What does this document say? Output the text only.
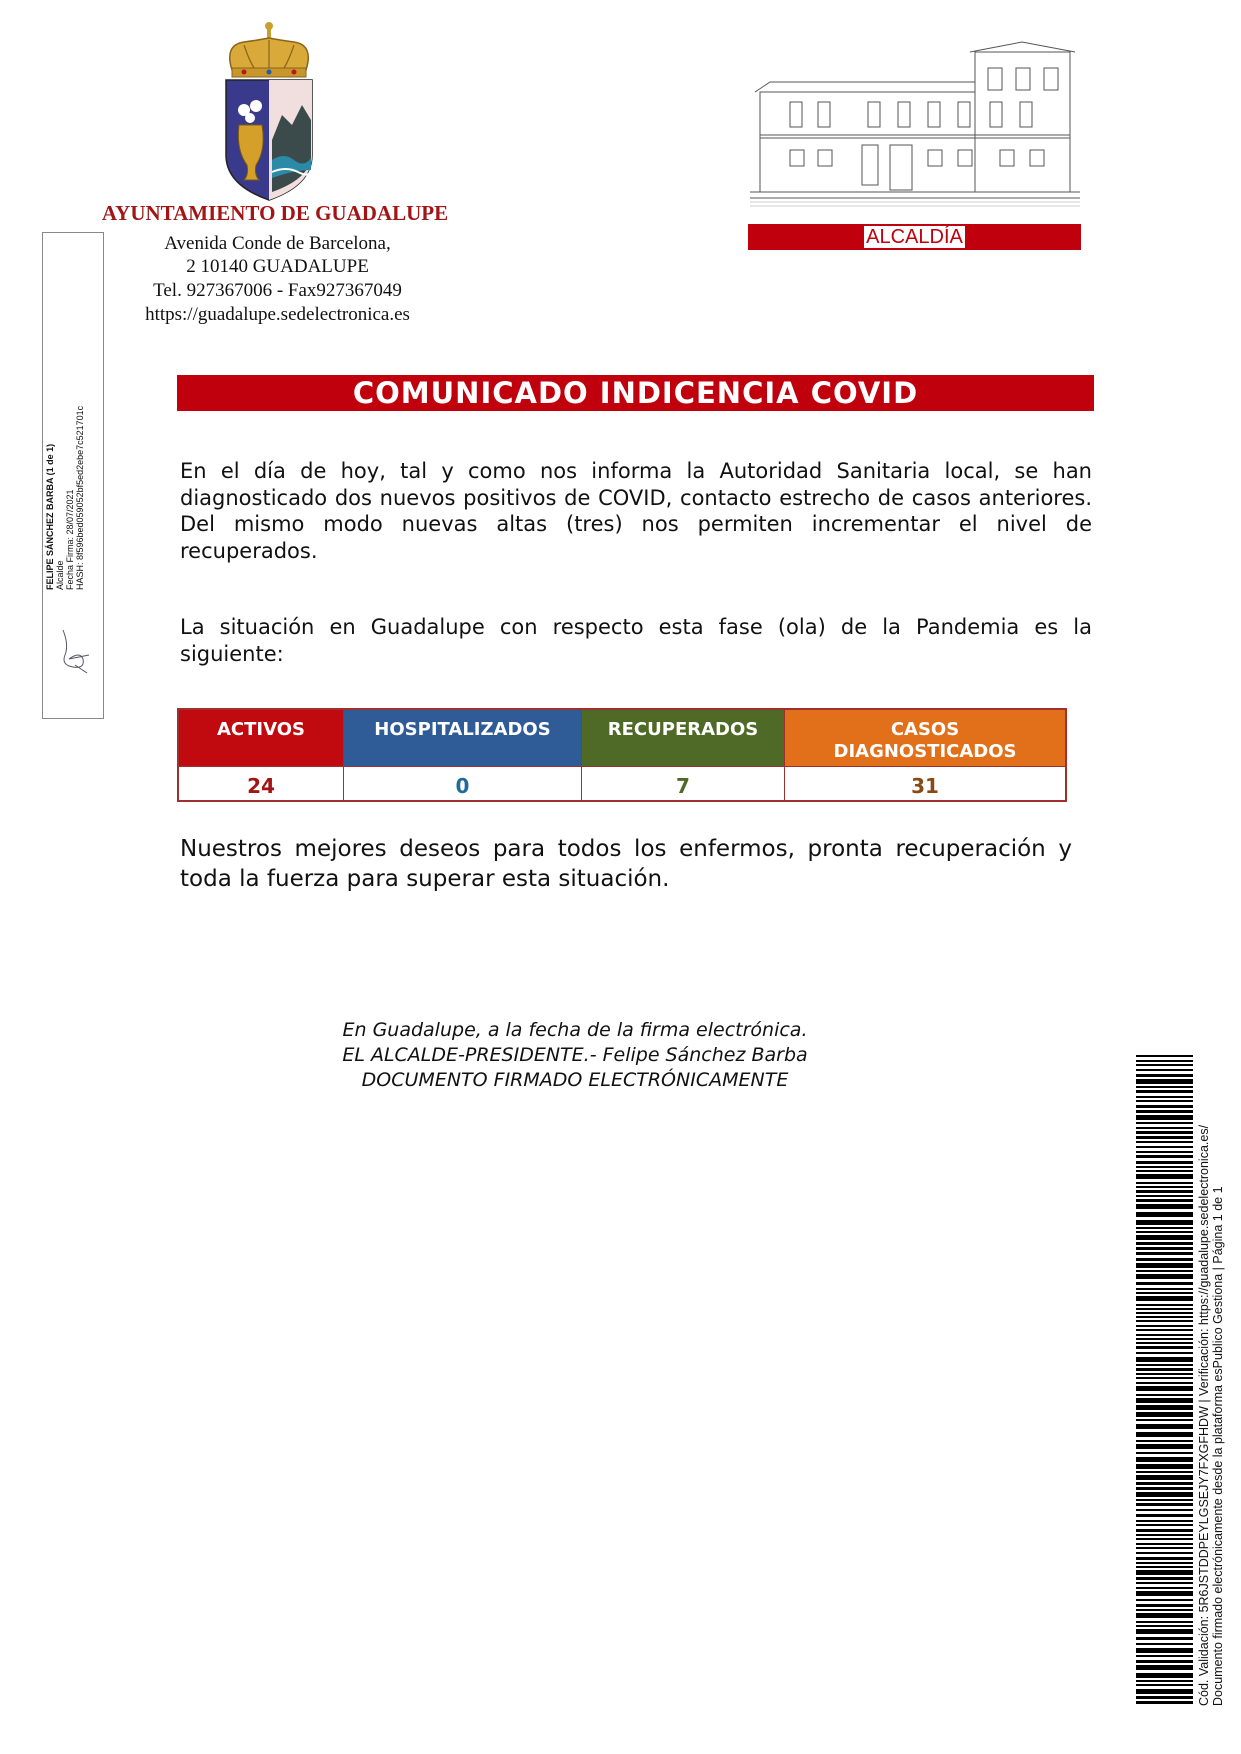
AYUNTAMIENTO DE GUADALUPE
Avenida Conde de Barcelona,
2 10140 GUADALUPE
Tel. 927367006 - Fax927367049
https://guadalupe.sedelectronica.es
ALCALDÍA
FELIPE SÁNCHEZ BARBA (1 de 1) Alcalde Fecha Firma: 28/07/2021 HASH: 8f596bed059052bf5ed2ebe7c521701c
COMUNICADO INDICENCIA COVID
En el día de hoy, tal y como nos informa la Autoridad Sanitaria local, se han diagnosticado dos nuevos positivos de COVID, contacto estrecho de casos anteriores. Del mismo modo nuevas altas (tres) nos permiten incrementar el nivel de recuperados.
La situación en Guadalupe con respecto esta fase (ola) de la Pandemia es la siguiente:
ACTIVOS	HOSPITALIZADOS	RECUPERADOS	CASOS DIAGNOSTICADOS
24	0	7	31
Nuestros mejores deseos para todos los enfermos, pronta recuperación y toda la fuerza para superar esta situación.
En Guadalupe, a la fecha de la firma electrónica.
EL ALCALDE-PRESIDENTE.- Felipe Sánchez Barba
DOCUMENTO FIRMADO ELECTRÓNICAMENTE
Cód. Validación: 5R6JSTDDPEYLGSEJY7FXGFHDW | Verificación: https://guadalupe.sedelectronica.es/ Documento firmado electrónicamente desde la plataforma esPublico Gestiona | Página 1 de 1
